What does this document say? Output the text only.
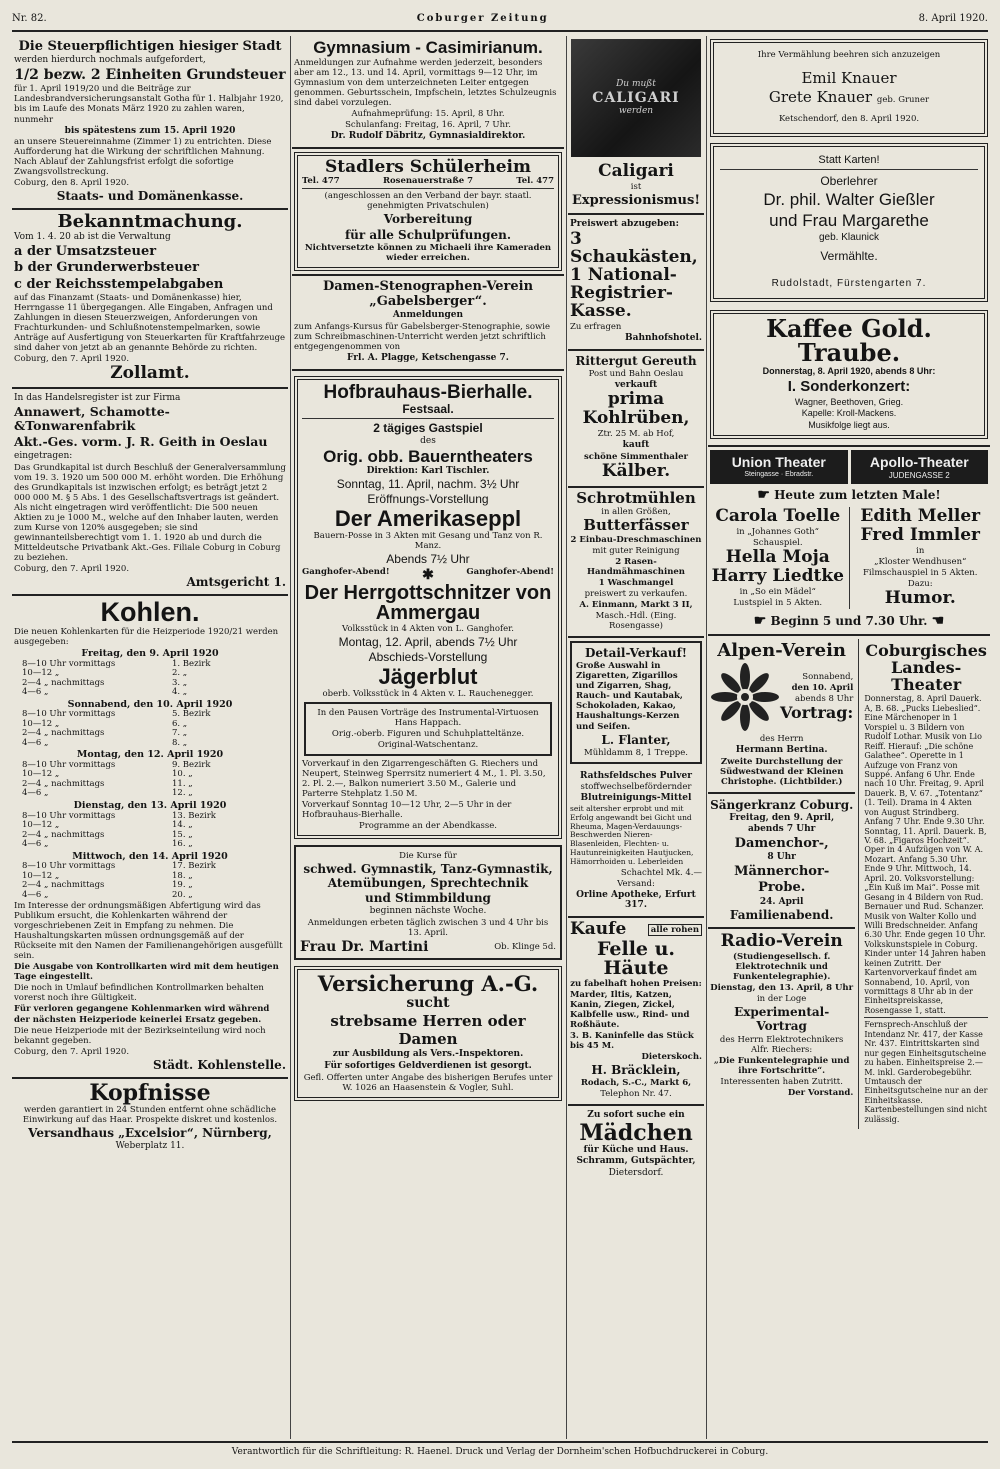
Nr. 82.	Coburger Zeitung	8. April 1920.
Die Steuerpflichtigen hiesiger Stadt

werden hierdurch nochmals aufgefordert,

1/2 bezw. 2 Einheiten Grundsteuer

für 1. April 1919/20 und die Beiträge zur Landesbrandversicherungsanstalt Gotha für 1. Halbjahr 1920, bis im Laufe des Monats März 1920 zu zahlen waren, nunmehr

bis spätestens zum 15. April 1920

an unsere Steuereinnahme (Zimmer 1) zu entrichten. Diese Aufforderung hat die Wirkung der schriftlichen Mahnung. Nach Ablauf der Zahlungsfrist erfolgt die sofortige Zwangsvollstreckung.

Coburg, den 8. April 1920.

Staats- und Domänenkasse.

Bekanntmachung.

Vom 1. 4. 20 ab ist die Verwaltung

a der Umsatzsteuer

b der Grunderwerbsteuer

c der Reichsstempelabgaben

auf das Finanzamt (Staats- und Domänenkasse) hier, Herrngasse 11 übergegangen. Alle Eingaben, Anfragen und Zahlungen in diesen Steuerzweigen, Anforderungen von Frachturkunden- und Schlußnotenstempelmarken, sowie Anträge auf Ausfertigung von Steuerkarten für Kraftfahrzeuge sind daher von jetzt ab an genannte Behörde zu richten.

Coburg, den 7. April 1920.

Zollamt.

In das Handelsregister ist zur Firma

Annawert, Schamotte-&Tonwarenfabrik

Akt.-Ges. vorm. J. R. Geith in Oeslau

eingetragen:

Das Grundkapital ist durch Beschluß der Generalversammlung vom 19. 3. 1920 um 500 000 M. erhöht worden. Die Erhöhung des Grundkapitals ist inzwischen erfolgt; es beträgt jetzt 2 000 000 M. § 5 Abs. 1 des Gesellschaftsvertrags ist geändert. Als nicht eingetragen wird veröffentlicht: Die 500 neuen Aktien zu je 1000 M., welche auf den Inhaber lauten, werden zum Kurse von 120% ausgegeben; sie sind gewinnanteilsberechtigt vom 1. 1. 1920 ab und durch die Mitteldeutsche Privatbank Akt.-Ges. Filiale Coburg in Coburg zu beziehen.

Coburg, den 7. April 1920.

Amtsgericht 1.

Kohlen.

Die neuen Kohlenkarten für die Heizperiode 1920/21 werden ausgegeben:

Freitag, den 9. April 1920
8—10 Uhr vormittags	1. Bezirk
10—12 „	2. „
2—4 „ nachmittags	3. „
4—6 „	4. „
Sonnabend, den 10. April 1920
8—10 Uhr vormittags	5. Bezirk
10—12 „	6. „
2—4 „ nachmittags	7. „
4—6 „	8. „
Montag, den 12. April 1920
8—10 Uhr vormittags	9. Bezirk
10—12 „	10. „
2—4 „ nachmittags	11. „
4—6 „	12. „
Dienstag, den 13. April 1920
8—10 Uhr vormittags	13. Bezirk
10—12 „	14. „
2—4 „ nachmittags	15. „
4—6 „	16. „
Mittwoch, den 14. April 1920
8—10 Uhr vormittags	17. Bezirk
10—12 „	18. „
2—4 „ nachmittags	19. „
4—6 „	20. „

Im Interesse der ordnungsmäßigen Abfertigung wird das Publikum ersucht, die Kohlenkarten während der vorgeschriebenen Zeit in Empfang zu nehmen. Die Haushaltungskarten müssen ordnungsgemäß auf der Rückseite mit den Namen der Familienangehörigen ausgefüllt sein.

Die Ausgabe von Kontrollkarten wird mit dem heutigen Tage eingestellt.

Die noch in Umlauf befindlichen Kontrollmarken behalten vorerst noch ihre Gültigkeit.

Für verloren gegangene Kohlenmarken wird während der nächsten Heizperiode keinerlei Ersatz gegeben.

Die neue Heizperiode mit der Bezirkseinteilung wird noch bekannt gegeben.

Coburg, den 7. April 1920.

Städt. Kohlenstelle.

Kopfnisse

werden garantiert in 24 Stunden entfernt ohne schädliche Einwirkung auf das Haar. Prospekte diskret und kostenlos.

Versandhaus „Excelsior“, Nürnberg,

Weberplatz 11.

Gymnasium - Casimirianum.

Anmeldungen zur Aufnahme werden jederzeit, besonders aber am 12., 13. und 14. April, vormittags 9—12 Uhr, im Gymnasium von dem unterzeichneten Leiter entgegen genommen. Geburtsschein, Impfschein, letztes Schulzeugnis sind dabei vorzulegen.

Aufnahmeprüfung: 15. April, 8 Uhr.

Schulanfang: Freitag, 16. April, 7 Uhr.

Dr. Rudolf Däbritz, Gymnasialdirektor.

Stadlers Schülerheim
Tel. 477	Rosenauerstraße 7	Tel. 477

(angeschlossen an den Verband der bayr. staatl. genehmigten Privatschulen)

Vorbereitung

für alle Schulprüfungen.

Nichtversetzte können zu Michaeli ihre Kameraden wieder erreichen.

Damen-Stenographen-Verein
„Gabelsberger“.

Anmeldungen

zum Anfangs-Kursus für Gabelsberger-Stenographie, sowie zum Schreibmaschinen-Unterricht werden jetzt schriftlich entgegengenommen von

Frl. A. Plagge, Ketschengasse 7.

Hofbrauhaus-Bierhalle.
Festsaal.

2 tägiges Gastspiel

des

Orig. obb. Bauerntheaters

Direktion: Karl Tischler.

Sonntag, 11. April, nachm. 3½ Uhr

Eröffnungs-Vorstellung

Der Amerikaseppl

Bauern-Posse in 3 Akten mit Gesang und Tanz von R. Manz.

Abends 7½ Uhr

Ganghofer-Abend! ✱	Ganghofer-Abend!
Der Herrgottschnitzer von Ammergau

Volksstück in 4 Akten von L. Ganghofer.

Montag, 12. April, abends 7½ Uhr

Abschieds-Vorstellung

Jägerblut

oberb. Volksstück in 4 Akten v. L. Rauchenegger.

In den Pausen Vorträge des Instrumental-Virtuosen Hans Happach.

Orig.-oberb. Figuren und Schuhplatteltänze.

Original-Watschentanz.

Vorverkauf in den Zigarrengeschäften G. Riechers und Neupert, Steinweg Sperrsitz numeriert 4 M., 1. Pl. 3.50, 2. Pl. 2.—, Balkon numeriert 3.50 M., Galerie und Parterre Stehplatz 1.50 M.

Vorverkauf Sonntag 10—12 Uhr, 2—5 Uhr in der Hofbrauhaus-Bierhalle.

Programme an der Abendkasse.

Die Kurse für

schwed. Gymnastik, Tanz-Gymnastik, Atemübungen, Sprechtechnik

und Stimmbildung

beginnen nächste Woche.

Anmeldungen erbeten täglich zwischen 3 und 4 Uhr bis 13. April.

Frau Dr. Martini	Ob. Klinge 5d.
Versicherung A.-G.

sucht

strebsame Herren oder Damen

zur Ausbildung als Vers.-Inspektoren.

Für sofortiges Geldverdienen ist gesorgt.

Gefl. Offerten unter Angabe des bisherigen Berufes unter W. 1026 an Haasenstein & Vogler, Suhl.

Du mußt
CALIGARI
werden
Caligari

ist

Expressionismus!

Preiswert abzugeben:

3 Schaukästen,

1 National-Registrier-Kasse.

Zu erfragen

Bahnhofshotel.

Rittergut Gereuth

Post und Bahn Oeslau

verkauft

prima

Kohlrüben,

Ztr. 25 M. ab Hof,

kauft

schöne Simmenthaler

Kälber.

Schrotmühlen

in allen Größen,

Butterfässer

2 Einbau-Dreschmaschinen

mit guter Reinigung

2 Rasen-Handmähmaschinen

1 Waschmangel

preiswert zu verkaufen.

A. Einmann, Markt 3 II,

Masch.-Hdl. (Eing. Rosengasse)

Detail-Verkauf!

Große Auswahl in Zigaretten, Zigarillos und Zigarren, Shag, Rauch- und Kautabak, Schokoladen, Kakao, Haushaltungs-Kerzen und Seifen.

L. Flanter,

Mühldamm 8, 1 Treppe.

Rathsfeldsches Pulver

stoffwechselbefördernder

Blutreinigungs-Mittel

seit altersher erprobt und mit Erfolg angewandt bei Gicht und Rheuma, Magen-Verdauungs-Beschwerden Nieren-Blasenleiden, Flechten- u. Hautunreinigkeiten Hautjucken, Hämorrhoiden u. Leberleiden

Schachtel Mk. 4.—

Versand:

Orline Apotheke, Erfurt 317.

Kaufe	alle rohen

Felle u. Häute

zu fabelhaft hohen Preisen:

Marder, Iltis, Katzen, Kanin, Ziegen, Zickel, Kalbfelle usw., Rind- und Roßhäute.

3. B. Kaninfelle das Stück bis 45 M.

Dieterskoch.

H. Bräcklein,

Rodach, S.-C., Markt 6,

Telephon Nr. 47.

Zu sofort suche ein

Mädchen

für Küche und Haus.

Schramm, Gutspächter,

Dietersdorf.

Ihre Vermählung beehren sich anzuzeigen

Emil Knauer

Grete Knauer geb. Gruner

Ketschendorf, den 8. April 1920.

Statt Karten!

Oberlehrer

Dr. phil. Walter Gießler

und Frau Margarethe

geb. Klaunick

Vermählte.

Rudolstadt, Fürstengarten 7.

Kaffee Gold. Traube.

Donnerstag, 8. April 1920, abends 8 Uhr:

I. Sonderkonzert:

Wagner, Beethoven, Grieg.

Kapelle: Kroll-Mackens.

Musikfolge liegt aus.

Union Theater

Steingasse · Ebradstr.

Apollo-Theater

JUDENGASSE 2

☛ Heute zum letzten Male!

Carola Toelle

in „Johannes Goth“

Schauspiel.

Hella Moja

Harry Liedtke

in „So ein Mädel“

Lustspiel in 5 Akten.

Edith Meller

Fred Immler

in

„Kloster Wendhusen“

Filmschauspiel in 5 Akten.

Dazu:

Humor.

☛ Beginn 5 und 7.30 Uhr. ☚

Alpen-Verein

Sonnabend,

den 10. April

abends 8 Uhr

Vortrag:

des Herrn

Hermann Bertina.

Zweite Durchstellung der Südwestwand der Kleinen Christophe. (Lichtbilder.)

Sängerkranz Coburg.

Freitag, den 9. April,

abends 7 Uhr

Damenchor-,

8 Uhr

Männerchor-

Probe.

24. April

Familienabend.

Radio-Verein

(Studiengesellsch. f. Elektrotechnik und Funkentelegraphie).

Dienstag, den 13. April, 8 Uhr

in der Loge

Experimental-Vortrag

des Herrn Elektrotechnikers Alfr. Riechers:

„Die Funkentelegraphie und ihre Fortschritte“.

Interessenten haben Zutritt.

Der Vorstand.

Coburgisches Landes-Theater

Donnerstag, 8. April Dauerk. A, B. 68. „Pucks Liebeslied“. Eine Märchenoper in 1 Vorspiel u. 3 Bildern von Rudolf Lothar. Musik von Lio Reiff. Hierauf: „Die schöne Galathee“. Operette in 1 Aufzuge von Franz von Suppé. Anfang 6 Uhr. Ende nach 10 Uhr. Freitag, 9. April Dauerk. B, V. 67. „Totentanz“ (1. Teil). Drama in 4 Akten von August Strindberg. Anfang 7 Uhr. Ende 9.30 Uhr. Sonntag, 11. April. Dauerk. B, V. 68. „Figaros Hochzeit“. Oper in 4 Aufzügen von W. A. Mozart. Anfang 5.30 Uhr. Ende 9 Uhr. Mittwoch, 14. April. 20. Volksvorstellung: „Ein Kuß im Mai“. Posse mit Gesang in 4 Bildern von Rud. Bernauer und Rud. Schanzer. Musik von Walter Kollo und Willi Bredschneider. Anfang 6.30 Uhr. Ende gegen 10 Uhr. Volkskunstspiele in Coburg. Kinder unter 14 Jahren haben keinen Zutritt. Der Kartenvorverkauf findet am Sonnabend, 10. April, von vormittags 8 Uhr ab in der Einheitspreiskasse, Rosengasse 1, statt.

Fernsprech-Anschluß der Intendanz Nr. 417, der Kasse Nr. 437. Eintrittskarten sind nur gegen Einheitsgutscheine zu haben. Einheitspreise 2.— M. inkl. Garderobegebühr. Umtausch der Einheitsgutscheine nur an der Einheitskasse. Kartenbestellungen sind nicht zulässig.

Verantwortlich für die Schriftleitung: R. Haenel. Druck und Verlag der Dornheim'schen Hofbuchdruckerei in Coburg.
